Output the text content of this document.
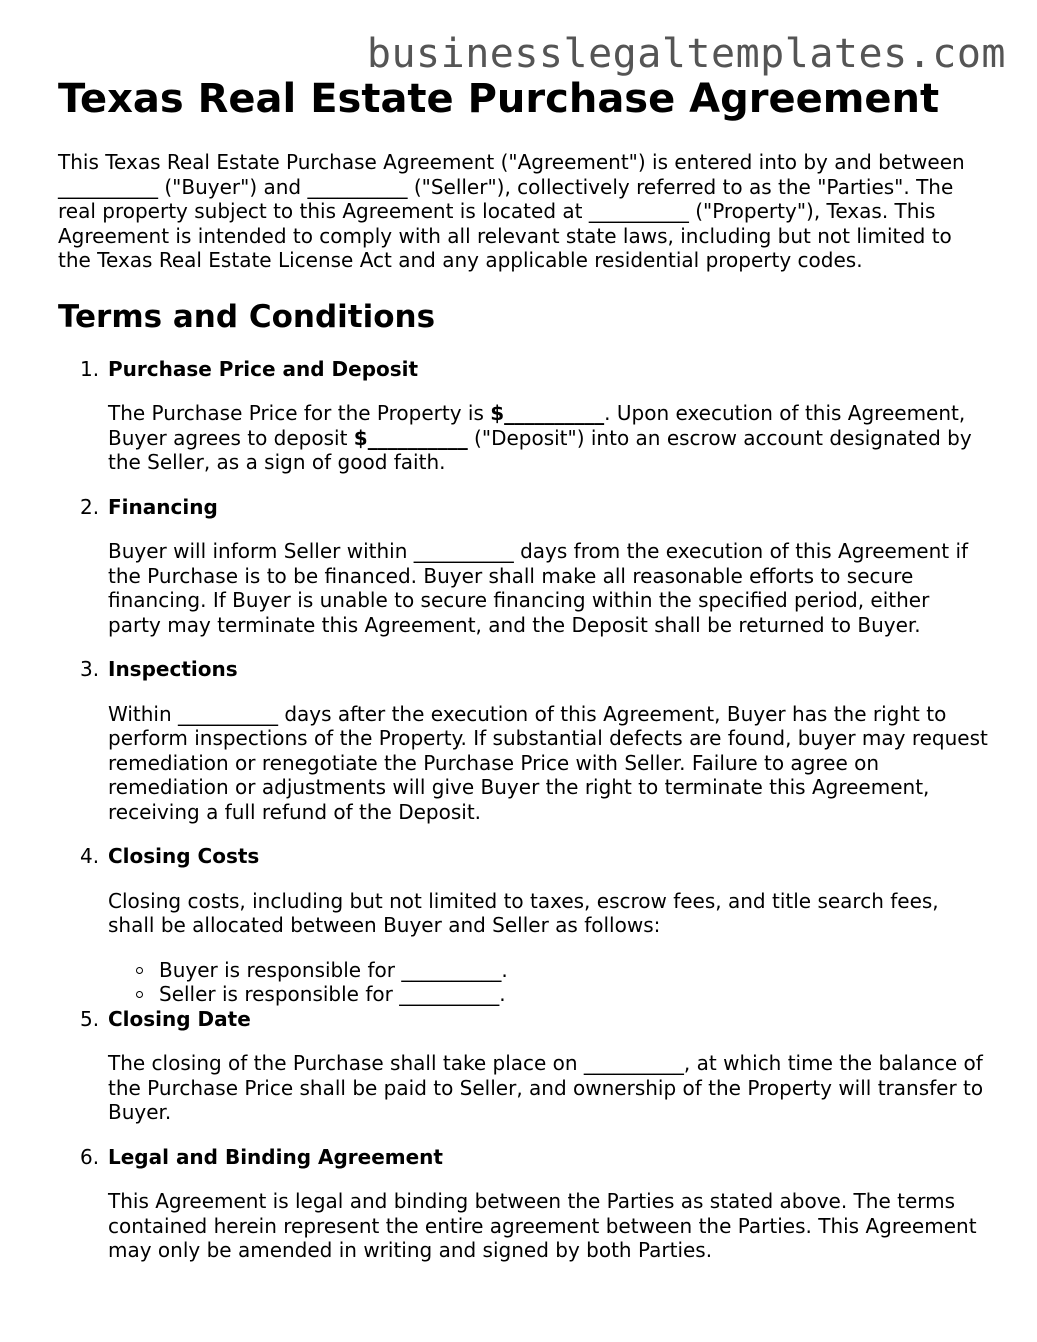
businesslegaltemplates.com
Texas Real Estate Purchase Agreement

This Texas Real Estate Purchase Agreement ("Agreement") is entered into by and between __________ ("Buyer") and __________ ("Seller"), collectively referred to as the "Parties". The real property subject to this Agreement is located at __________ ("Property"), Texas. This Agreement is intended to comply with all relevant state laws, including but not limited to the Texas Real Estate License Act and any applicable residential property codes.

Terms and Conditions
1. Purchase Price and Deposit

The Purchase Price for the Property is $__________. Upon execution of this Agreement, Buyer agrees to deposit $__________ ("Deposit") into an escrow account designated by the Seller, as a sign of good faith.

2. Financing

Buyer will inform Seller within __________ days from the execution of this Agreement if the Purchase is to be financed. Buyer shall make all reasonable efforts to secure financing. If Buyer is unable to secure financing within the specified period, either party may terminate this Agreement, and the Deposit shall be returned to Buyer.

3. Inspections

Within __________ days after the execution of this Agreement, Buyer has the right to perform inspections of the Property. If substantial defects are found, buyer may request remediation or renegotiate the Purchase Price with Seller. Failure to agree on remediation or adjustments will give Buyer the right to terminate this Agreement, receiving a full refund of the Deposit.

4. Closing Costs

Closing costs, including but not limited to taxes, escrow fees, and title search fees, shall be allocated between Buyer and Seller as follows:

Buyer is responsible for __________.
Seller is responsible for __________.
5. Closing Date

The closing of the Purchase shall take place on __________, at which time the balance of the Purchase Price shall be paid to Seller, and ownership of the Property will transfer to Buyer.

6. Legal and Binding Agreement

This Agreement is legal and binding between the Parties as stated above. The terms contained herein represent the entire agreement between the Parties. This Agreement may only be amended in writing and signed by both Parties.
